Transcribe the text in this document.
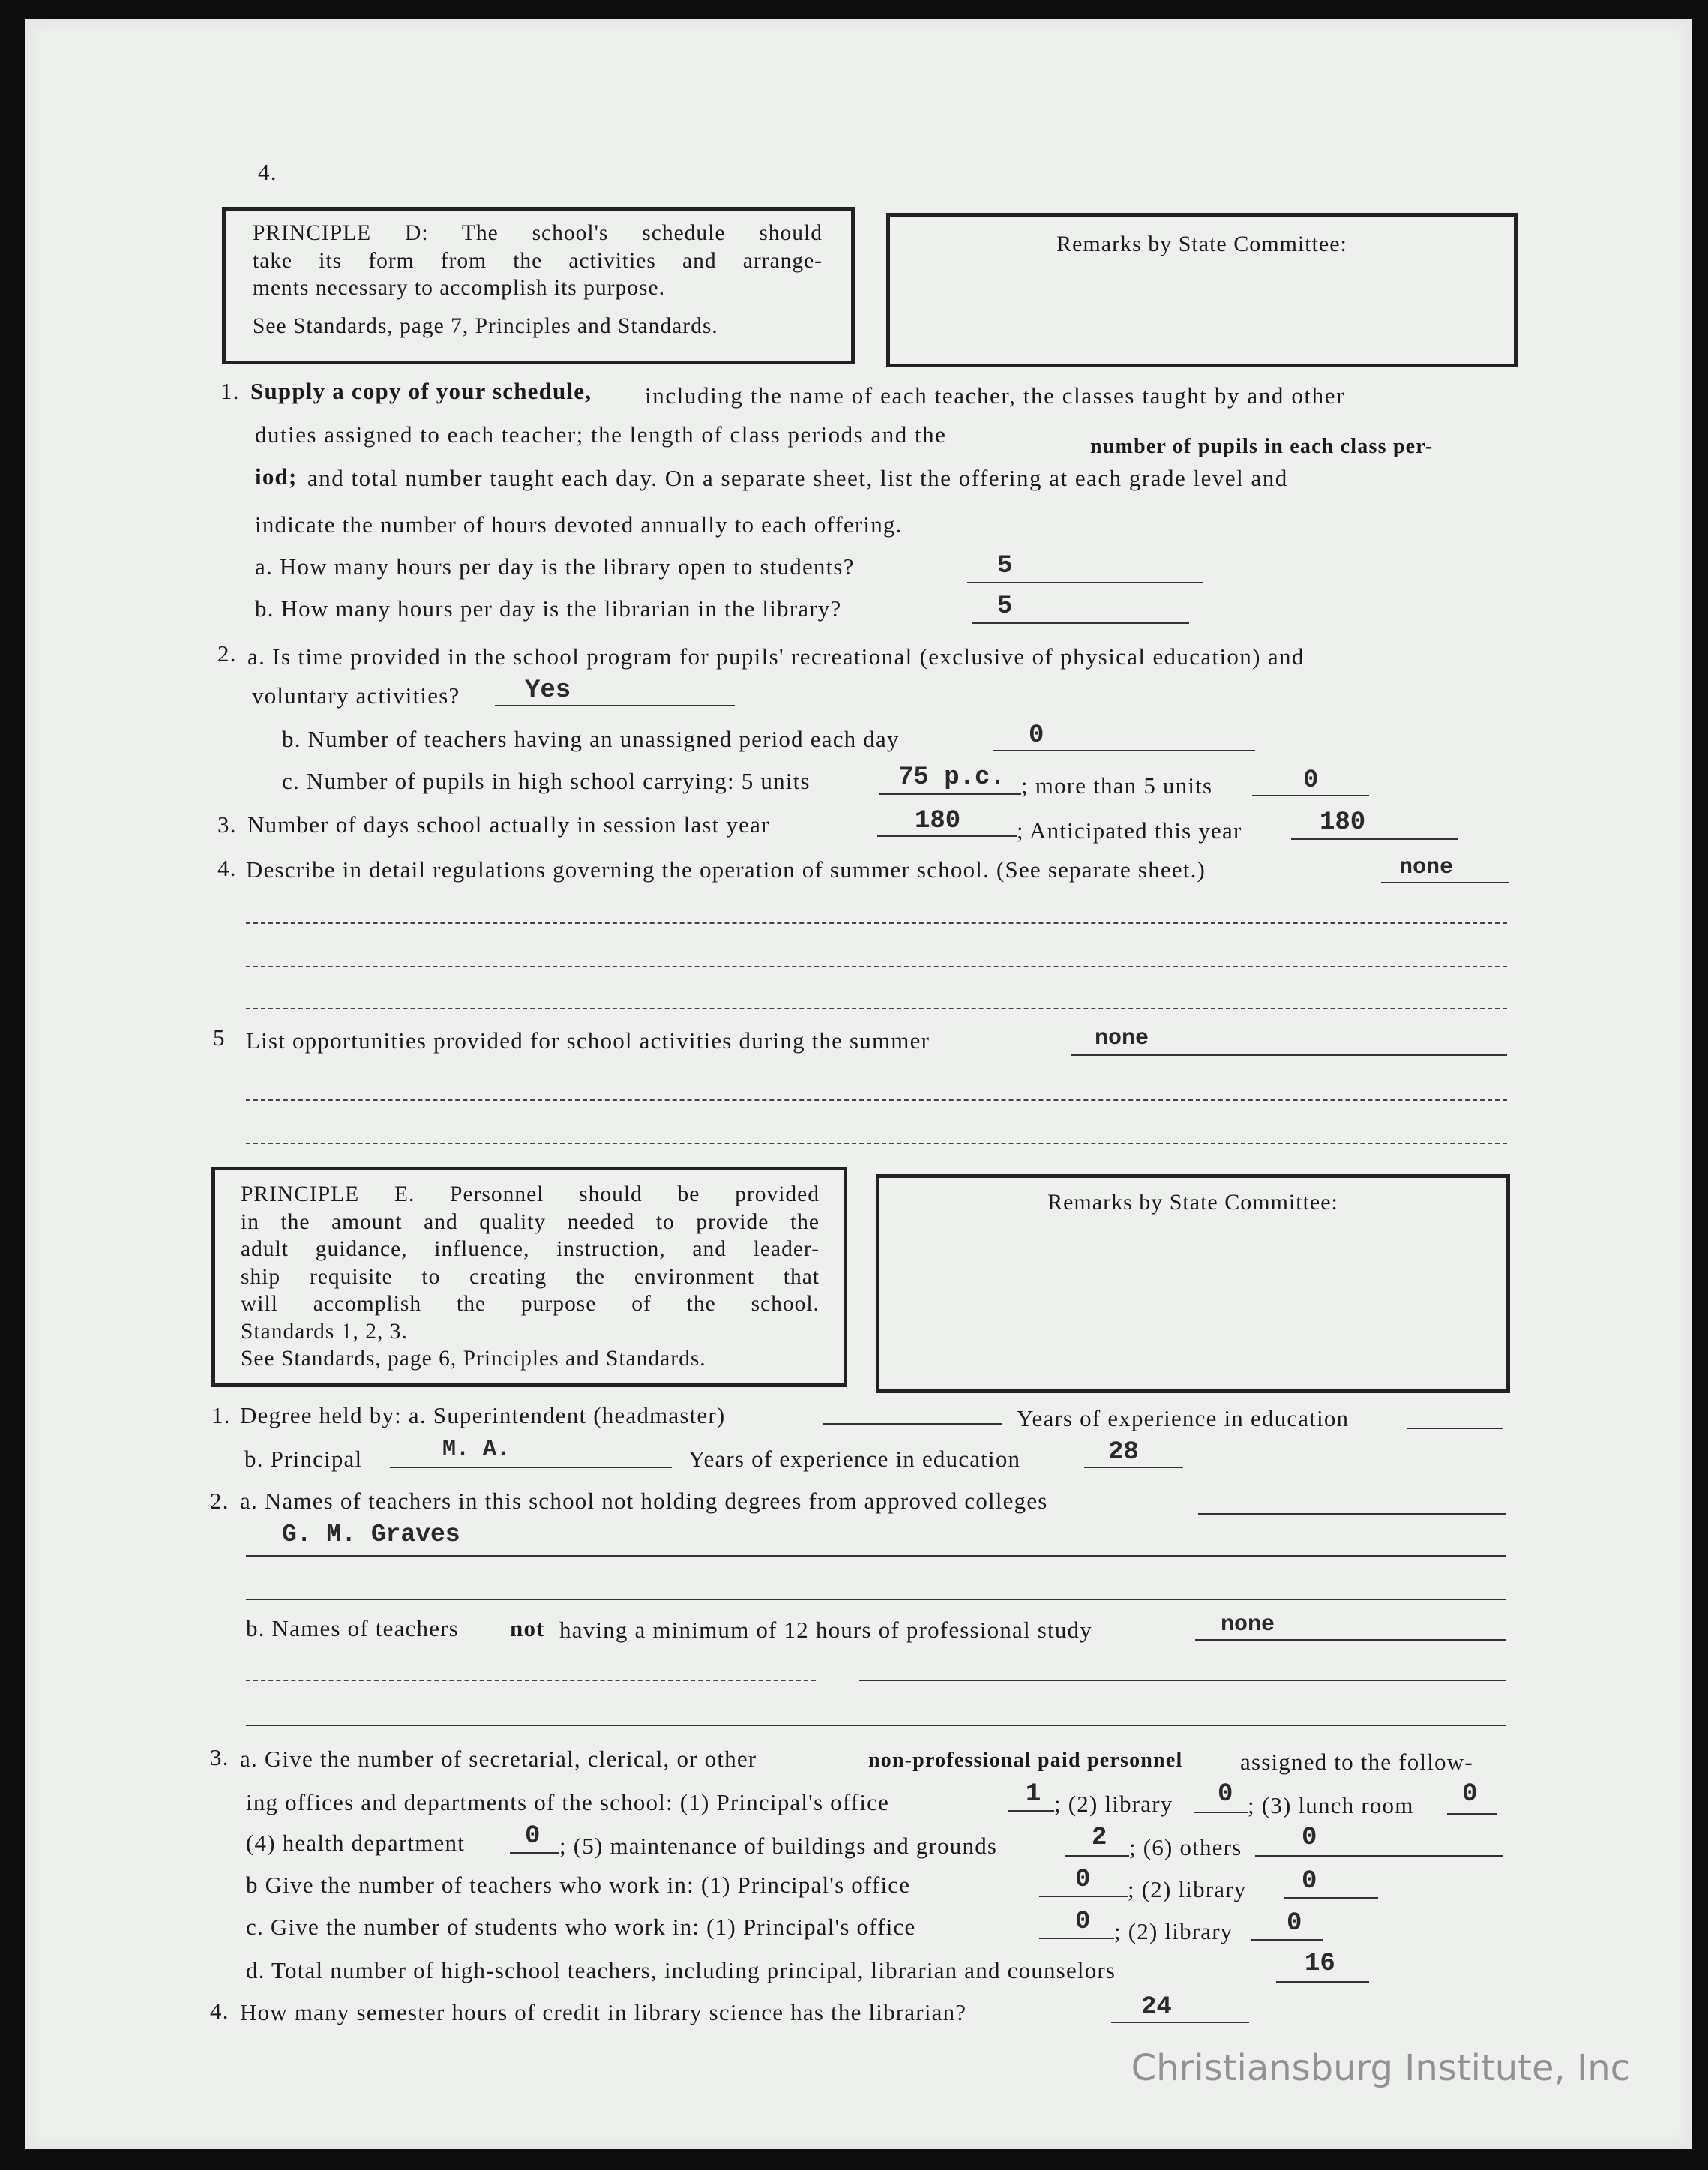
4.
PRINCIPLE D: The school's schedule should
take its form from the activities and arrange-
ments necessary to accomplish its purpose.
See Standards, page 7, Principles and Standards.
Remarks by State Committee:
1. Supply a copy of your schedule, including the name of each teacher, the classes taught by and other
duties assigned to each teacher; the length of class periods and the	number of pupils in each class per-
iod; and total number taught each day. On a separate sheet, list the offering at each grade level and
indicate the number of hours devoted annually to each offering.
a. How many hours per day is the library open to students?	5
b. How many hours per day is the librarian in the library?	5
2. a. Is time provided in the school program for pupils' recreational (exclusive of physical education) and
voluntary activities?	Yes
b. Number of teachers having an unassigned period each day	0
c. Number of pupils in high school carrying: 5 units	75 p.c. ; more than 5 units	0
3. Number of days school actually in session last year	180 ; Anticipated this year	180
4. Describe in detail regulations governing the operation of summer school. (See separate sheet.)	none
5 List opportunities provided for school activities during the summer	none
PRINCIPLE E. Personnel should be provided
in the amount and quality needed to provide the
adult guidance, influence, instruction, and leader-
ship requisite to creating the environment that
will accomplish the purpose of the school.
Standards 1, 2, 3.
See Standards, page 6, Principles and Standards.
Remarks by State Committee:
1. Degree held by: a. Superintendent (headmaster)	Years of experience in education
b. Principal	M. A.	Years of experience in education	28
2. a. Names of teachers in this school not holding degrees from approved colleges
G. M. Graves
b. Names of teachers not having a minimum of 12 hours of professional study	none
3. a. Give the number of secretarial, clerical, or other	non-professional paid personnel assigned to the follow-
ing offices and departments of the school: (1) Principal's office	1 ; (2) library 0 ; (3) lunch room 0
(4) health department 0 ; (5) maintenance of buildings and grounds	2 ; (6) others 0
b Give the number of teachers who work in: (1) Principal's office	0 ; (2) library 0
c. Give the number of students who work in: (1) Principal's office	0 ; (2) library 0
d. Total number of high-school teachers, including principal, librarian and counselors	16
4. How many semester hours of credit in library science has the librarian?	24
Christiansburg Institute, Inc
